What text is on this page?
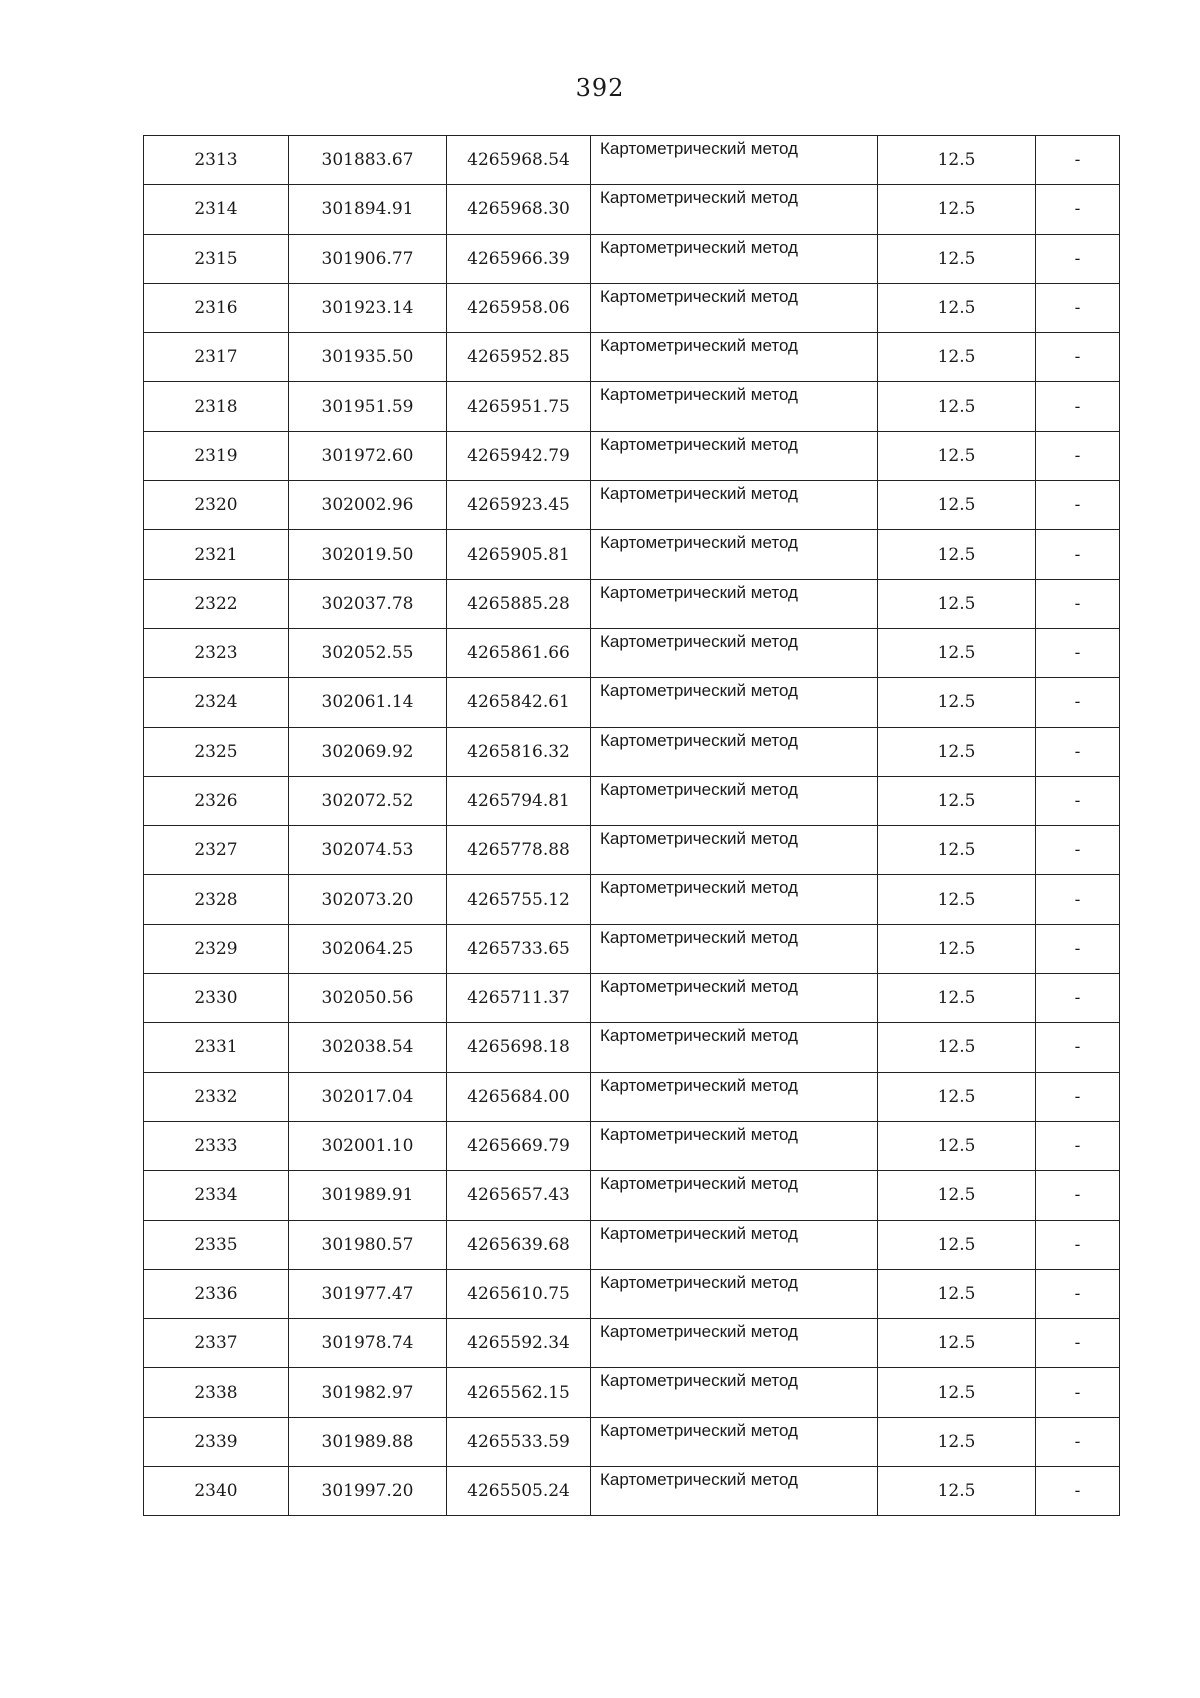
392
2313	301883.67	4265968.54	Картометрический метод	12.5	-
2314	301894.91	4265968.30	Картометрический метод	12.5	-
2315	301906.77	4265966.39	Картометрический метод	12.5	-
2316	301923.14	4265958.06	Картометрический метод	12.5	-
2317	301935.50	4265952.85	Картометрический метод	12.5	-
2318	301951.59	4265951.75	Картометрический метод	12.5	-
2319	301972.60	4265942.79	Картометрический метод	12.5	-
2320	302002.96	4265923.45	Картометрический метод	12.5	-
2321	302019.50	4265905.81	Картометрический метод	12.5	-
2322	302037.78	4265885.28	Картометрический метод	12.5	-
2323	302052.55	4265861.66	Картометрический метод	12.5	-
2324	302061.14	4265842.61	Картометрический метод	12.5	-
2325	302069.92	4265816.32	Картометрический метод	12.5	-
2326	302072.52	4265794.81	Картометрический метод	12.5	-
2327	302074.53	4265778.88	Картометрический метод	12.5	-
2328	302073.20	4265755.12	Картометрический метод	12.5	-
2329	302064.25	4265733.65	Картометрический метод	12.5	-
2330	302050.56	4265711.37	Картометрический метод	12.5	-
2331	302038.54	4265698.18	Картометрический метод	12.5	-
2332	302017.04	4265684.00	Картометрический метод	12.5	-
2333	302001.10	4265669.79	Картометрический метод	12.5	-
2334	301989.91	4265657.43	Картометрический метод	12.5	-
2335	301980.57	4265639.68	Картометрический метод	12.5	-
2336	301977.47	4265610.75	Картометрический метод	12.5	-
2337	301978.74	4265592.34	Картометрический метод	12.5	-
2338	301982.97	4265562.15	Картометрический метод	12.5	-
2339	301989.88	4265533.59	Картометрический метод	12.5	-
2340	301997.20	4265505.24	Картометрический метод	12.5	-
